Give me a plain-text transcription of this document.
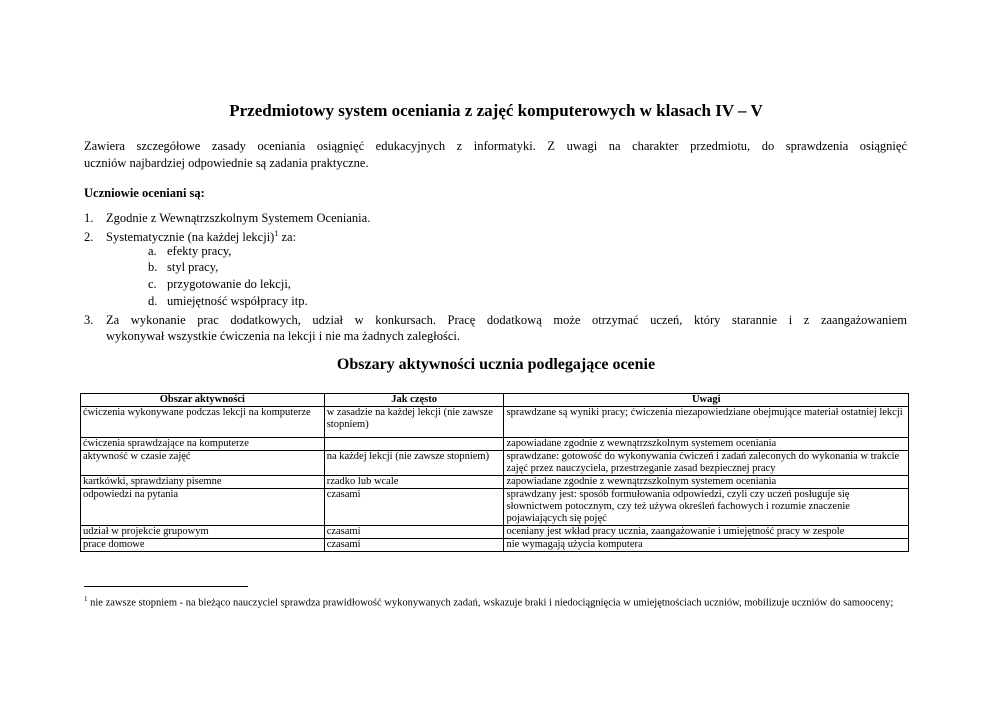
Przedmiotowy system oceniania z zajęć komputerowych w klasach IV – V
Zawiera szczegółowe zasady oceniania osiągnięć edukacyjnych z informatyki. Z uwagi na charakter przedmiotu, do sprawdzenia osiągnięć
uczniów najbardziej odpowiednie są zadania praktyczne.
Uczniowie oceniani są:
1. Zgodnie z Wewnątrzszkolnym Systemem Oceniania.
2. Systematycznie (na każdej lekcji)$^1$ za:
a. efekty pracy,
b. styl pracy,
c. przygotowanie do lekcji,
d. umiejętność współpracy itp.
3. Za wykonanie prac dodatkowych, udział w konkursach. Pracę dodatkową może otrzymać uczeń, który starannie i z zaangażowaniem
wykonywał wszystkie ćwiczenia na lekcji i nie ma żadnych zaległości.
Obszary aktywności ucznia podlegające ocenie
Obszar aktywności	Jak często	Uwagi
ćwiczenia wykonywane podczas lekcji na komputerze	w zasadzie na każdej lekcji (nie zawsze stopniem)	sprawdzane są wyniki pracy; ćwiczenia niezapowiedziane obejmujące materiał ostatniej lekcji
ćwiczenia sprawdzające na komputerze		zapowiadane zgodnie z wewnątrzszkolnym systemem oceniania
aktywność w czasie zajęć	na każdej lekcji (nie zawsze stopniem)	sprawdzane: gotowość do wykonywania ćwiczeń i zadań zaleconych do wykonania w trakcie zajęć przez nauczyciela, przestrzeganie zasad bezpiecznej pracy
kartkówki, sprawdziany pisemne	rzadko lub wcale	zapowiadane zgodnie z wewnątrzszkolnym systemem oceniania
odpowiedzi na pytania	czasami	sprawdzany jest: sposób formułowania odpowiedzi, czyli czy uczeń posługuje się słownictwem potocznym, czy też używa określeń fachowych i rozumie znaczenie pojawiających się pojęć
udział w projekcie grupowym	czasami	oceniany jest wkład pracy ucznia, zaangażowanie i umiejętność pracy w zespole
prace domowe	czasami	nie wymagają użycia komputera
$^1$ nie zawsze stopniem - na bieżąco nauczyciel sprawdza prawidłowość wykonywanych zadań, wskazuje braki i niedociągnięcia w umiejętnościach uczniów, mobilizuje uczniów do samooceny;
